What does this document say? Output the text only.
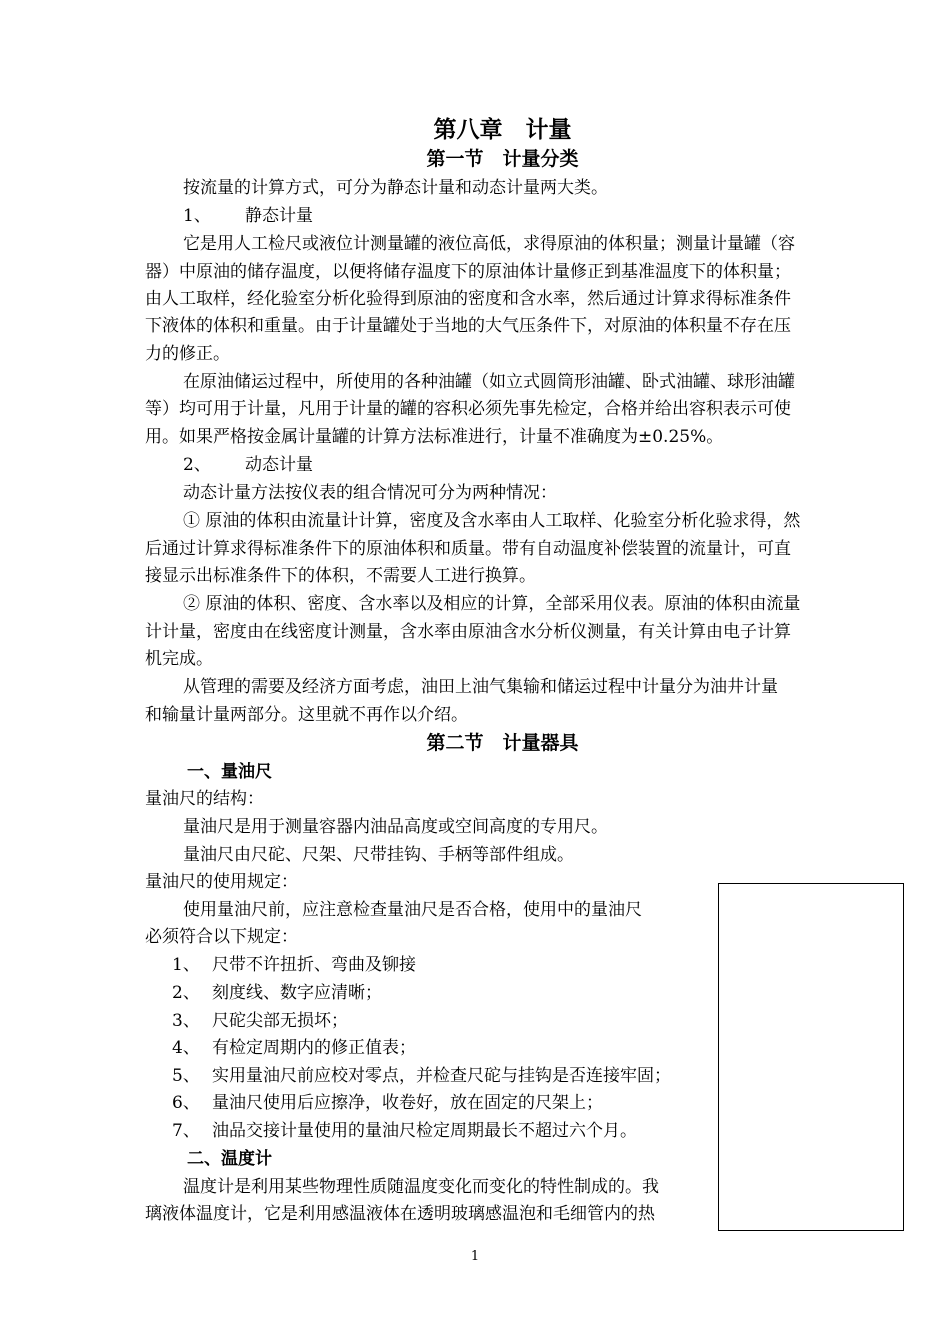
第八章　计量
第一节　计量分类
按流量的计算方式，可分为静态计量和动态计量两大类。
1、 静态计量
它是用人工检尺或液位计测量罐的液位高低，求得原油的体积量；测量计量罐（容
器）中原油的储存温度，以便将储存温度下的原油体计量修正到基准温度下的体积量；
由人工取样，经化验室分析化验得到原油的密度和含水率，然后通过计算求得标准条件
下液体的体积和重量。由于计量罐处于当地的大气压条件下，对原油的体积量不存在压
力的修正。
在原油储运过程中，所使用的各种油罐（如立式圆筒形油罐、卧式油罐、球形油罐
等）均可用于计量，凡用于计量的罐的容积必须先事先检定，合格并给出容积表示可使
用。如果严格按金属计量罐的计算方法标准进行，计量不准确度为±0.25%。
2、 动态计量
动态计量方法按仪表的组合情况可分为两种情况：
① 原油的体积由流量计计算，密度及含水率由人工取样、化验室分析化验求得，然
后通过计算求得标准条件下的原油体积和质量。带有自动温度补偿装置的流量计，可直
接显示出标准条件下的体积，不需要人工进行换算。
② 原油的体积、密度、含水率以及相应的计算，全部采用仪表。原油的体积由流量
计计量，密度由在线密度计测量，含水率由原油含水分析仪测量，有关计算由电子计算
机完成。
从管理的需要及经济方面考虑，油田上油气集输和储运过程中计量分为油井计量
和输量计量两部分。这里就不再作以介绍。
第二节　计量器具
一、量油尺
量油尺的结构：
量油尺是用于测量容器内油品高度或空间高度的专用尺。
量油尺由尺砣、尺架、尺带挂钩、手柄等部件组成。
量油尺的使用规定：
使用量油尺前，应注意检查量油尺是否合格，使用中的量油尺
必须符合以下规定：
1、 尺带不许扭折、弯曲及铆接
2、 刻度线、数字应清晰；
3、 尺砣尖部无损坏；
4、 有检定周期内的修正值表；
5、 实用量油尺前应校对零点，并检查尺砣与挂钩是否连接牢固；
6、 量油尺使用后应擦净，收卷好，放在固定的尺架上；
7、 油品交接计量使用的量油尺检定周期最长不超过六个月。
二、温度计
温度计是利用某些物理性质随温度变化而变化的特性制成的。我
璃液体温度计，它是利用感温液体在透明玻璃感温泡和毛细管内的热
1
